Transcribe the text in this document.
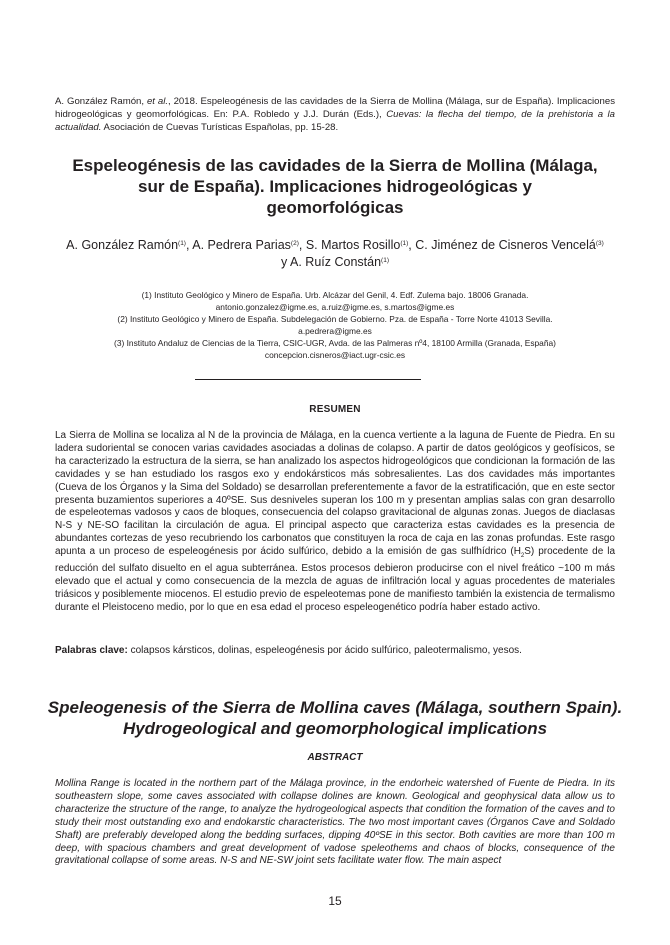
A. González Ramón, et al., 2018. Espeleogénesis de las cavidades de la Sierra de Mollina (Málaga, sur de España). Implicaciones hidrogeológicas y geomorfológicas. En: P.A. Robledo y J.J. Durán (Eds.), Cuevas: la flecha del tiempo, de la prehistoria a la actualidad. Asociación de Cuevas Turísticas Españolas, pp. 15-28.
Espeleogénesis de las cavidades de la Sierra de Mollina (Málaga, sur de España). Implicaciones hidrogeológicas y geomorfológicas
A. González Ramón$^{(1)}$, A. Pedrera Parias$^{(2)}$, S. Martos Rosillo$^{(1)}$, C. Jiménez de Cisneros Vencelá$^{(3)}$
y A. Ruíz Constán$^{(1)}$

(1) Instituto Geológico y Minero de España. Urb. Alcázar del Genil, 4. Edf. Zulema bajo. 18006 Granada.

antonio.gonzalez@igme.es, a.ruiz@igme.es, s.martos@igme.es

(2) Instituto Geológico y Minero de España. Subdelegación de Gobierno. Pza. de España - Torre Norte 41013 Sevilla.

a.pedrera@igme.es

(3) Instituto Andaluz de Ciencias de la Tierra, CSIC-UGR, Avda. de las Palmeras nº4, 18100 Armilla (Granada, España)

concepcion.cisneros@iact.ugr-csic.es

RESUMEN

La Sierra de Mollina se localiza al N de la provincia de Málaga, en la cuenca vertiente a la laguna de Fuente de Piedra. En su ladera sudoriental se conocen varias cavidades asociadas a dolinas de colapso. A partir de datos geológicos y geofísicos, se ha caracterizado la estructura de la sierra, se han analizado los aspectos hidrogeológicos que condicionan la formación de las cavidades y se han estudiado los rasgos exo y endokársticos más sobresalientes. Las dos cavidades más importantes (Cueva de los Órganos y la Sima del Soldado) se desarrollan preferentemente a favor de la estratificación, que en este sector presenta buzamientos superiores a 40ºSE. Sus desniveles superan los 100 m y presentan amplias salas con gran desarrollo de espeleotemas vadosos y caos de bloques, consecuencia del colapso gravitacional de algunas zonas. Juegos de diaclasas N-S y NE-SO facilitan la circulación de agua. El principal aspecto que caracteriza estas cavidades es la presencia de abundantes cortezas de yeso recubriendo los carbonatos que constituyen la roca de caja en las zonas profundas. Este rasgo apunta a un proceso de espeleogénesis por ácido sulfúrico, debido a la emisión de gas sulfhídrico $(H_2S)$ procedente de la reducción del sulfato disuelto en el agua subterránea. Estos procesos debieron producirse con el nivel freático ~100 m más elevado que el actual y como consecuencia de la mezcla de aguas de infiltración local y aguas procedentes de materiales triásicos y posiblemente miocenos. El estudio previo de espeleotemas pone de manifiesto también la existencia de termalismo durante el Pleistoceno medio, por lo que en esa edad el proceso espeleogenético podría haber estado activo.

Palabras clave: colapsos kársticos, dolinas, espeleogénesis por ácido sulfúrico, paleotermalismo, yesos.

Speleogenesis of the Sierra de Mollina caves (Málaga, southern Spain). Hydrogeological and geomorphological implications
ABSTRACT

Mollina Range is located in the northern part of the Málaga province, in the endorheic watershed of Fuente de Piedra. In its southeastern slope, some caves associated with collapse dolines are known. Geological and geophysical data allow us to characterize the structure of the range, to analyze the hydrogeological aspects that condition the formation of the caves and to study their most outstanding exo and endokarstic characteristics. The two most important caves (Órganos Cave and Soldado Shaft) are preferably developed along the bedding surfaces, dipping 40ºSE in this sector. Both cavities are more than 100 m deep, with spacious chambers and great development of vadose speleothems and chaos of blocks, consequence of the gravitational collapse of some areas. N-S and NE-SW joint sets facilitate water flow. The main aspect

15
